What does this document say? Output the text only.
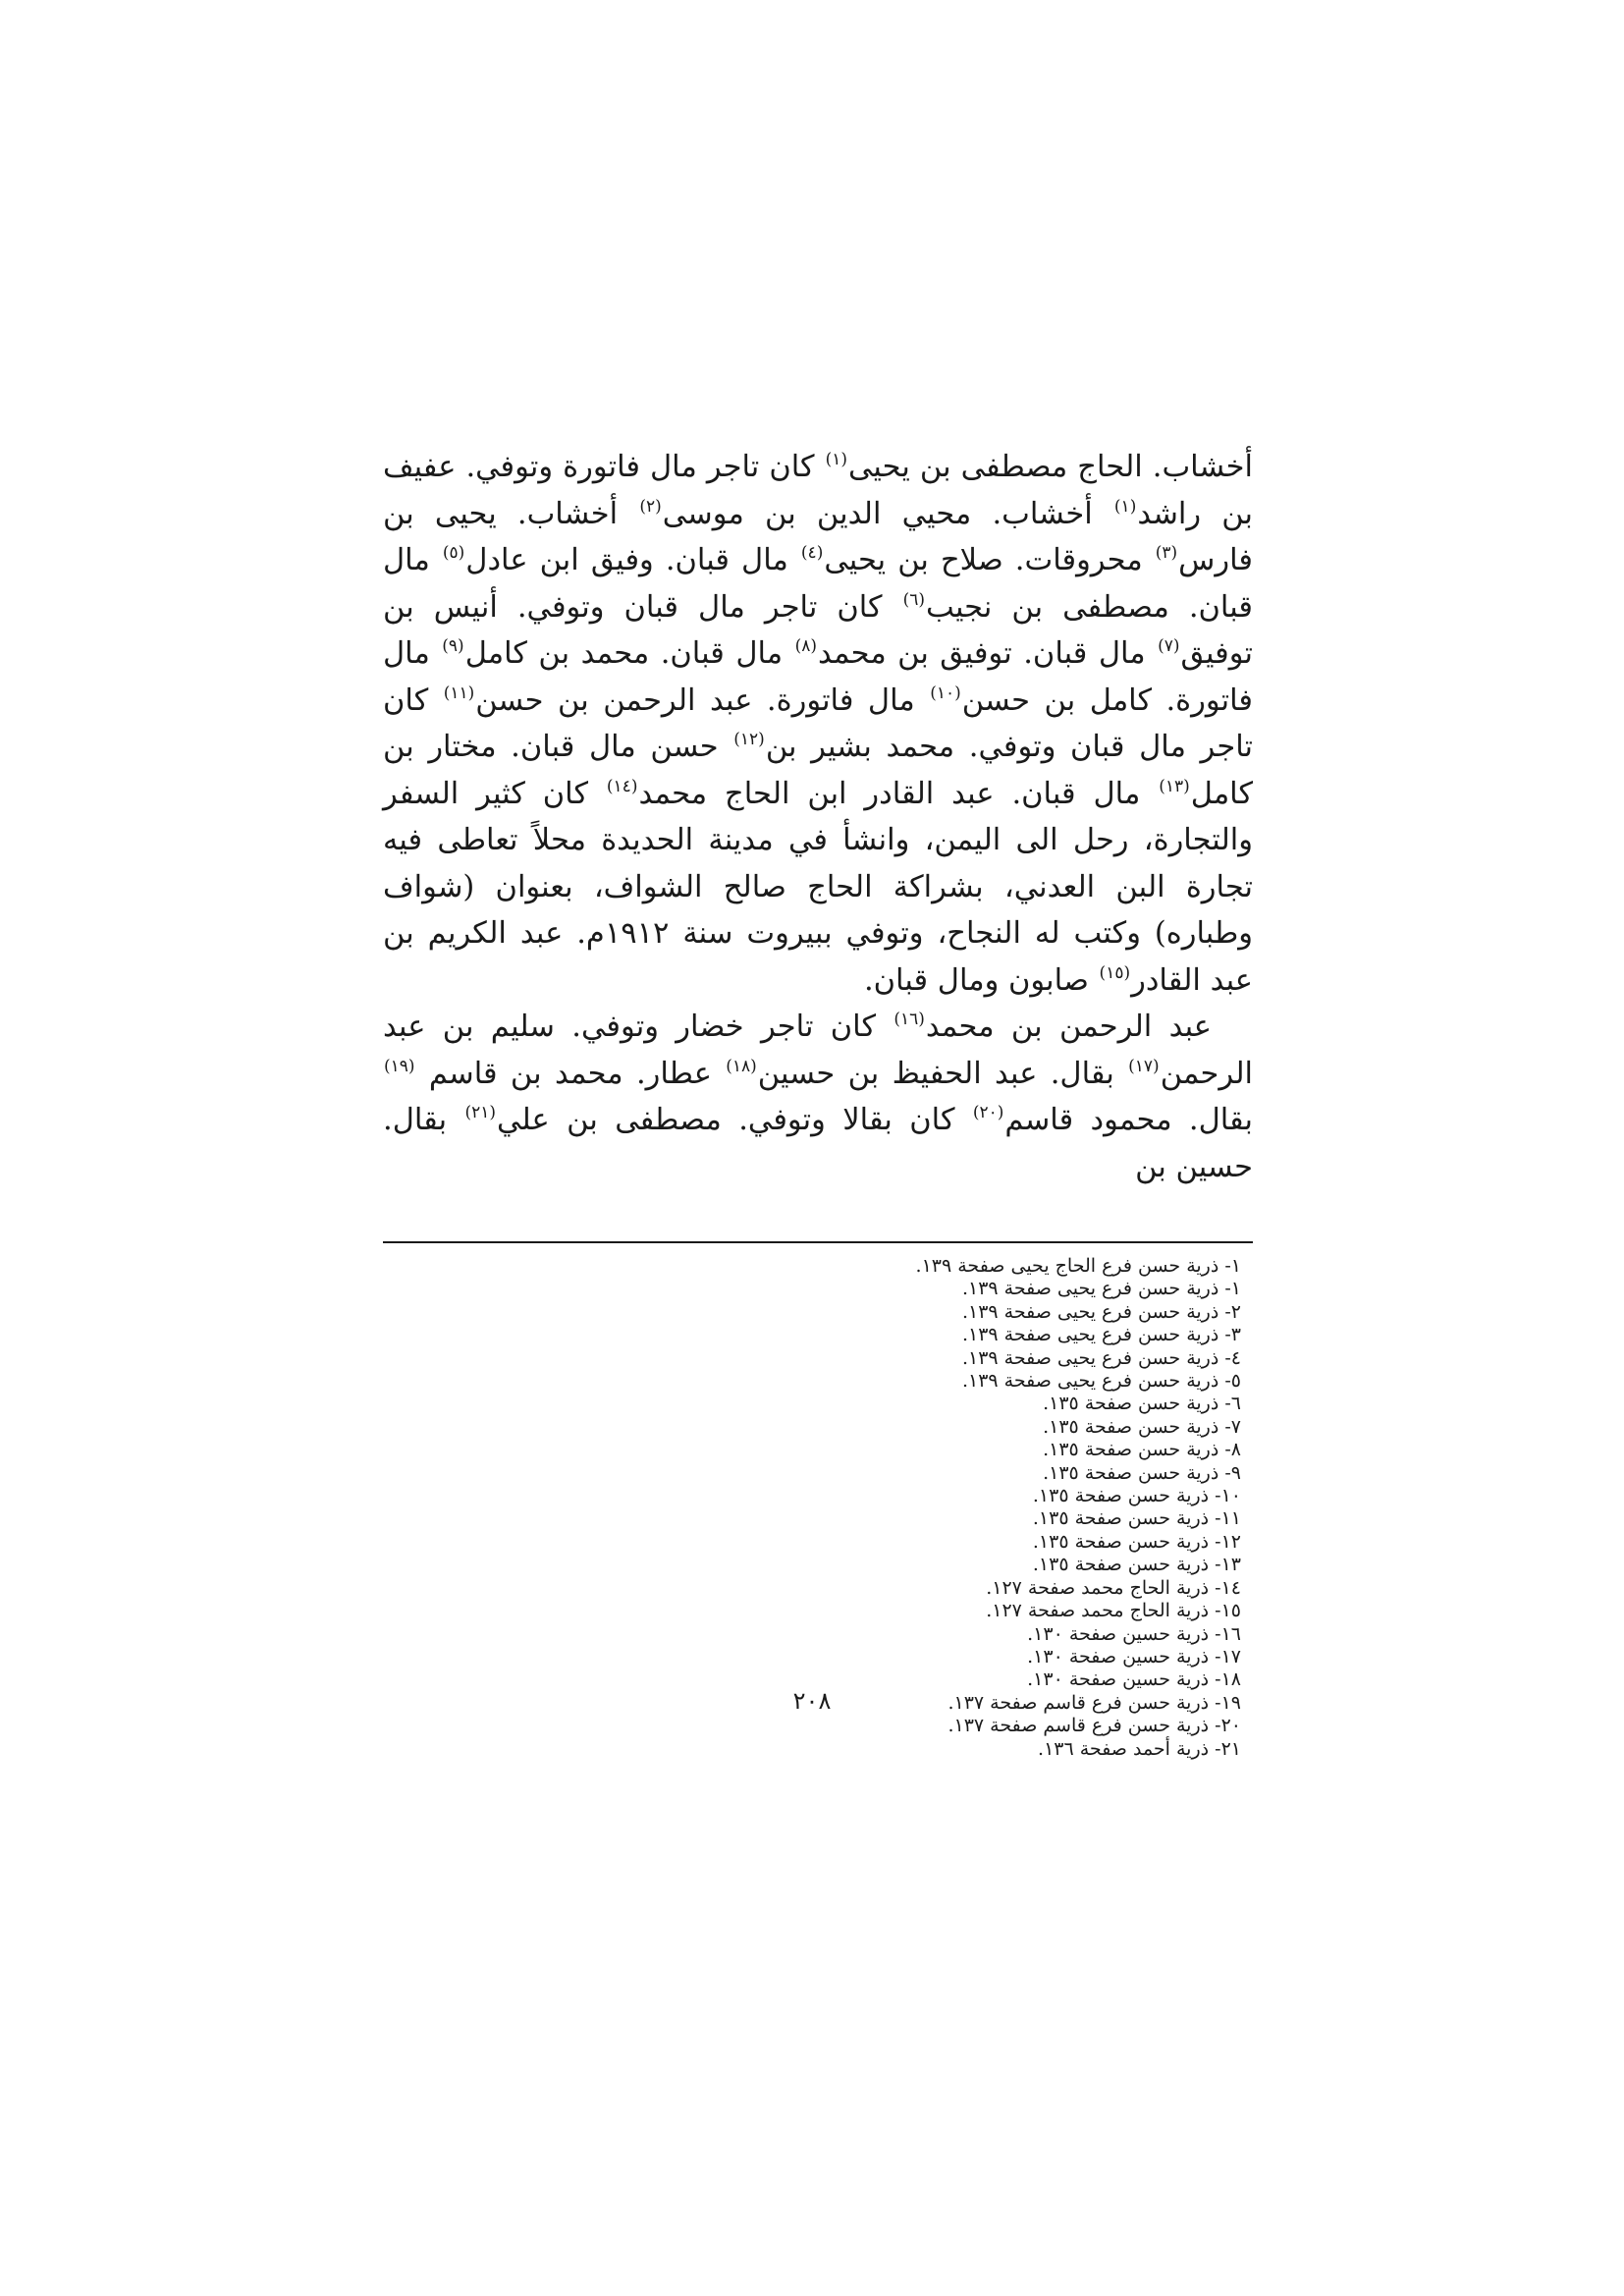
أخشاب. الحاج مصطفى بن يحيى$^{(١)}$ كان تاجر مال فاتورة وتوفي. عفيف بن راشد$^{(١)}$ أخشاب. محيي الدين بن موسى$^{(٢)}$ أخشاب. يحيى بن فارس$^{(٣)}$ محروقات. صلاح بن يحيى$^{(٤)}$ مال قبان. وفيق ابن عادل$^{(٥)}$ مال قبان. مصطفى بن نجيب$^{(٦)}$ كان تاجر مال قبان وتوفي. أنيس بن توفيق$^{(٧)}$ مال قبان. توفيق بن محمد$^{(٨)}$ مال قبان. محمد بن كامل$^{(٩)}$ مال فاتورة. كامل بن حسن$^{(١٠)}$ مال فاتورة. عبد الرحمن بن حسن$^{(١١)}$ كان تاجر مال قبان وتوفي. محمد بشير بن$^{(١٢)}$ حسن مال قبان. مختار بن كامل$^{(١٣)}$ مال قبان. عبد القادر ابن الحاج محمد$^{(١٤)}$ كان كثير السفر والتجارة، رحل الى اليمن، وانشأ في مدينة الحديدة محلاً تعاطى فيه تجارة البن العدني، بشراكة الحاج صالح الشواف، بعنوان (شواف وطباره) وكتب له النجاح، وتوفي ببيروت سنة ١٩١٢م. عبد الكريم بن عبد القادر$^{(١٥)}$ صابون ومال قبان.

عبد الرحمن بن محمد$^{(١٦)}$ كان تاجر خضار وتوفي. سليم بن عبد الرحمن$^{(١٧)}$ بقال. عبد الحفيظ بن حسين$^{(١٨)}$ عطار. محمد بن قاسم $^{(١٩)}$ بقال. محمود قاسم$^{(٢٠)}$ كان بقالا وتوفي. مصطفى بن علي$^{(٢١)}$ بقال. حسين بن

١- ذرية حسن فرع الحاج يحيى صفحة ١٣٩.
١- ذرية حسن فرع يحيى صفحة ١٣٩.
٢- ذرية حسن فرع يحيى صفحة ١٣٩.
٣- ذرية حسن فرع يحيى صفحة ١٣٩.
٤- ذرية حسن فرع يحيى صفحة ١٣٩.
٥- ذرية حسن فرع يحيى صفحة ١٣٩.
٦- ذرية حسن صفحة ١٣٥.
٧- ذرية حسن صفحة ١٣٥.
٨- ذرية حسن صفحة ١٣٥.
٩- ذرية حسن صفحة ١٣٥.
١٠- ذرية حسن صفحة ١٣٥.
١١- ذرية حسن صفحة ١٣٥.
١٢- ذرية حسن صفحة ١٣٥.
١٣- ذرية حسن صفحة ١٣٥.
١٤- ذرية الحاج محمد صفحة ١٢٧.
١٥- ذرية الحاج محمد صفحة ١٢٧.
١٦- ذرية حسين صفحة ١٣٠.
١٧- ذرية حسين صفحة ١٣٠.
١٨- ذرية حسين صفحة ١٣٠.
١٩- ذرية حسن فرع قاسم صفحة ١٣٧.
٢٠- ذرية حسن فرع قاسم صفحة ١٣٧.
٢١- ذرية أحمد صفحة ١٣٦.
٢٠٨
